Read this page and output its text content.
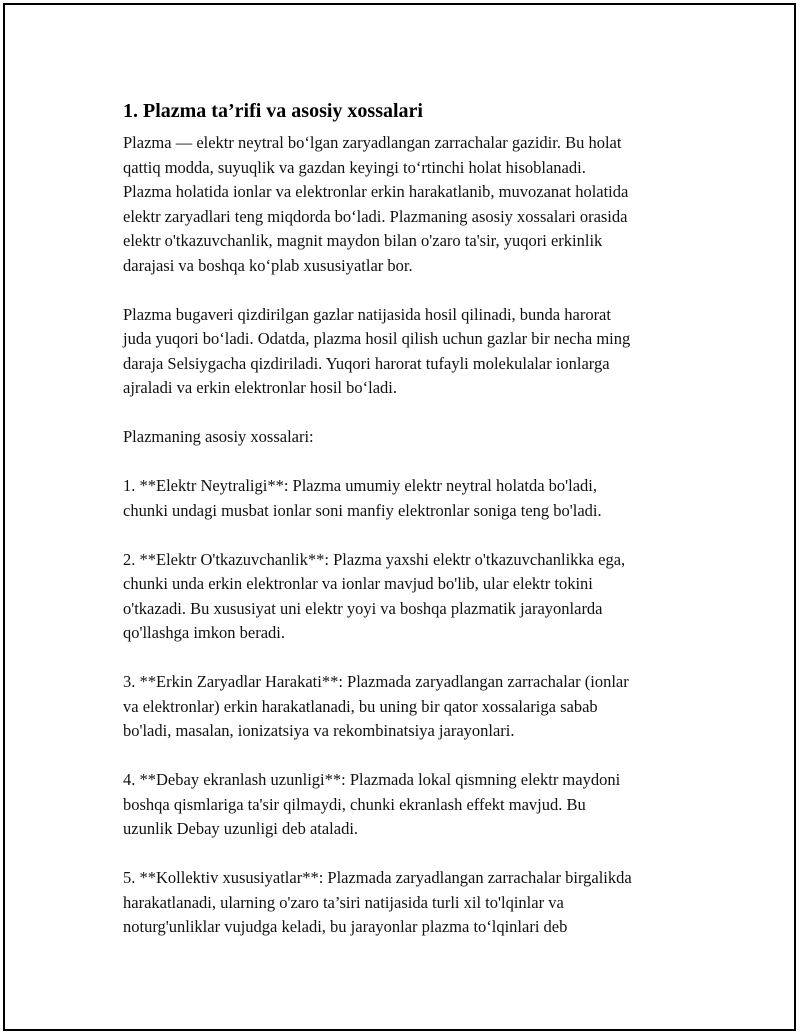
1. Plazma ta’rifi va asosiy xossalari

Plazma — elektr neytral bo‘lgan zaryadlangan zarrachalar gazidir. Bu holat
qattiq modda, suyuqlik va gazdan keyingi to‘rtinchi holat hisoblanadi.
Plazma holatida ionlar va elektronlar erkin harakatlanib, muvozanat holatida
elektr zaryadlari teng miqdorda bo‘ladi. Plazmaning asosiy xossalari orasida
elektr o'tkazuvchanlik, magnit maydon bilan o'zaro ta'sir, yuqori erkinlik
darajasi va boshqa ko‘plab xususiyatlar bor.

Plazma bugaveri qizdirilgan gazlar natijasida hosil qilinadi, bunda harorat
juda yuqori bo‘ladi. Odatda, plazma hosil qilish uchun gazlar bir necha ming
daraja Selsiygacha qizdiriladi. Yuqori harorat tufayli molekulalar ionlarga
ajraladi va erkin elektronlar hosil bo‘ladi.

Plazmaning asosiy xossalari:

1. **Elektr Neytraligi**: Plazma umumiy elektr neytral holatda bo'ladi,
chunki undagi musbat ionlar soni manfiy elektronlar soniga teng bo'ladi.

2. **Elektr O'tkazuvchanlik**: Plazma yaxshi elektr o'tkazuvchanlikka ega,
chunki unda erkin elektronlar va ionlar mavjud bo'lib, ular elektr tokini
o'tkazadi. Bu xususiyat uni elektr yoyi va boshqa plazmatik jarayonlarda
qo'llashga imkon beradi.

3. **Erkin Zaryadlar Harakati**: Plazmada zaryadlangan zarrachalar (ionlar
va elektronlar) erkin harakatlanadi, bu uning bir qator xossalariga sabab
bo'ladi, masalan, ionizatsiya va rekombinatsiya jarayonlari.

4. **Debay ekranlash uzunligi**: Plazmada lokal qismning elektr maydoni
boshqa qismlariga ta'sir qilmaydi, chunki ekranlash effekt mavjud. Bu
uzunlik Debay uzunligi deb ataladi.

5. **Kollektiv xususiyatlar**: Plazmada zaryadlangan zarrachalar birgalikda
harakatlanadi, ularning o'zaro ta’siri natijasida turli xil to'lqinlar va
noturg'unliklar vujudga keladi, bu jarayonlar plazma to‘lqinlari deb
